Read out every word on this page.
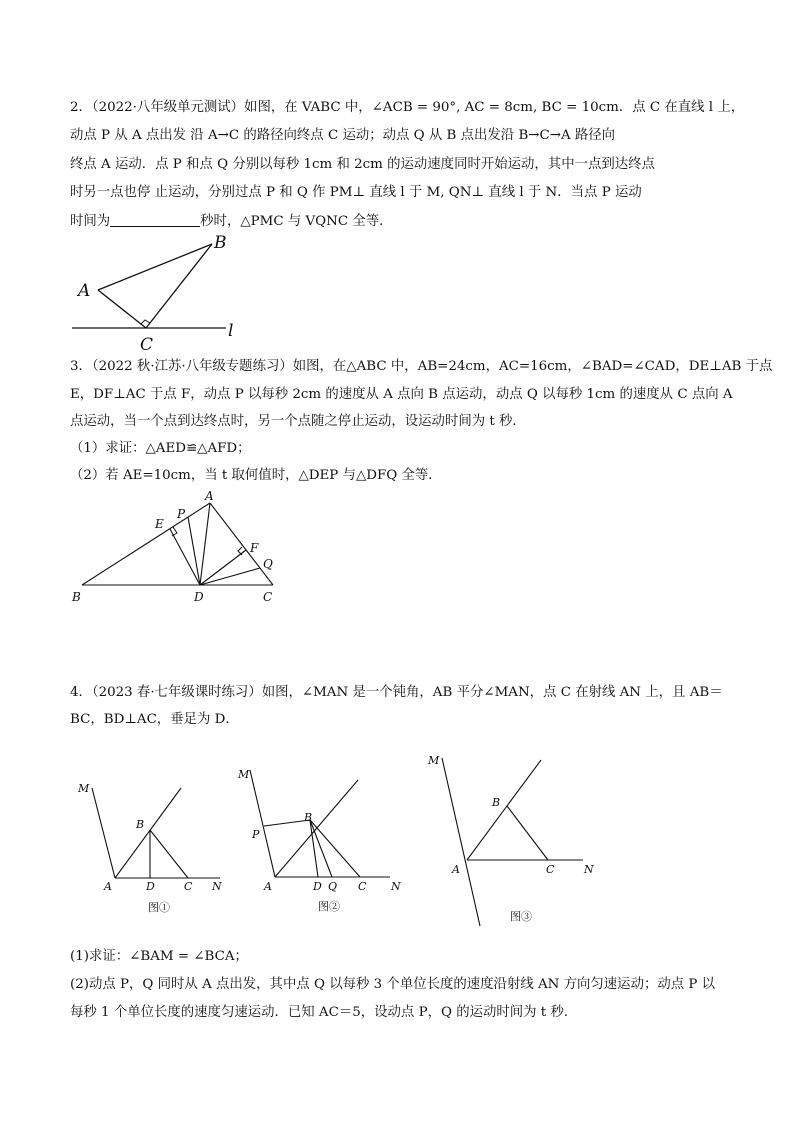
2．（2022·八年级单元测试）如图，在 VABC 中，∠ACB = 90°, AC = 8cm, BC = 10cm．点 C 在直线 l 上，
动点 P 从 A 点出发 沿 A→C 的路径向终点 C 运动；动点 Q 从 B 点出发沿 B→C→A 路径向
终点 A 运动．点 P 和点 Q 分别以每秒 1cm 和 2cm 的运动速度同时开始运动，其中一点到达终点
时另一点也停 止运动，分别过点 P 和 Q 作 PM⊥ 直线 l 于 M, QN⊥ 直线 l 于 N．当点 P 运动
时间为	秒时，△PMC 与 VQNC 全等．
A
B
C
l
3．（2022 秋·江苏·八年级专题练习）如图，在△ABC 中，AB=24cm，AC=16cm，∠BAD=∠CAD，DE⊥AB 于点
E，DF⊥AC 于点 F，动点 P 以每秒 2cm 的速度从 A 点向 B 点运动，动点 Q 以每秒 1cm 的速度从 C 点向 A
点运动，当一个点到达终点时，另一个点随之停止运动，设运动时间为 t 秒．
（1）求证：△AED≌△AFD；
（2）若 AE=10cm，当 t 取何值时，△DEP 与△DFQ 全等．
A
E
P
F
Q
B	D	C
4．（2023 春·七年级课时练习）如图，∠MAN 是一个钝角，AB 平分∠MAN，点 C 在射线 AN 上，且 AB＝
BC，BD⊥AC，垂足为 D．
M
B
A	D	C N
图①
M
P
B
A	D Q C N
图②
M
B
A	C	N
图③
(1)求证：∠BAM = ∠BCA；
(2)动点 P，Q 同时从 A 点出发，其中点 Q 以每秒 3 个单位长度的速度沿射线 AN 方向匀速运动；动点 P 以
每秒 1 个单位长度的速度匀速运动．已知 AC＝5，设动点 P，Q 的运动时间为 t 秒．
